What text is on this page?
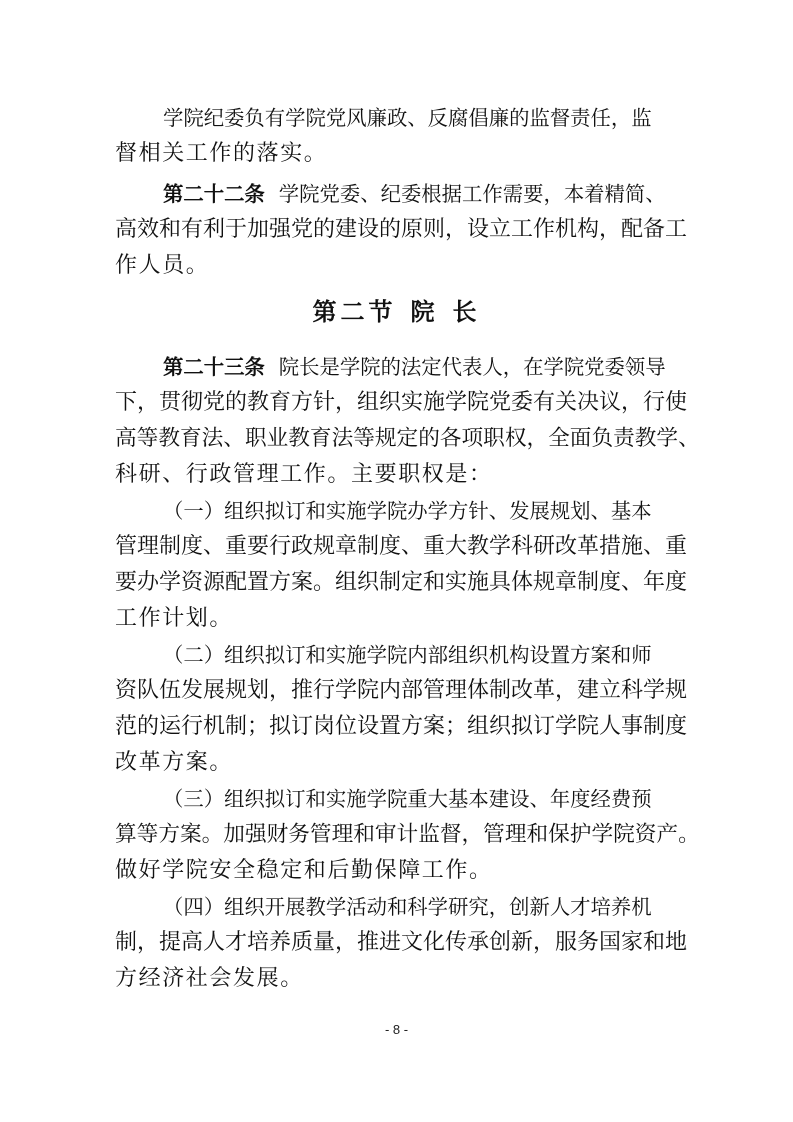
学院纪委负有学院党风廉政、反腐倡廉的监督责任，监
督相关工作的落实。
第二十二条 学院党委、纪委根据工作需要，本着精简、
高效和有利于加强党的建设的原则，设立工作机构，配备工
作人员。
第二节 院 长
第二十三条 院长是学院的法定代表人，在学院党委领导
下，贯彻党的教育方针，组织实施学院党委有关决议，行使
高等教育法、职业教育法等规定的各项职权，全面负责教学、
科研、行政管理工作。主要职权是：
（一）组织拟订和实施学院办学方针、发展规划、基本
管理制度、重要行政规章制度、重大教学科研改革措施、重
要办学资源配置方案。组织制定和实施具体规章制度、年度
工作计划。
（二）组织拟订和实施学院内部组织机构设置方案和师
资队伍发展规划，推行学院内部管理体制改革，建立科学规
范的运行机制；拟订岗位设置方案；组织拟订学院人事制度
改革方案。
（三）组织拟订和实施学院重大基本建设、年度经费预
算等方案。加强财务管理和审计监督，管理和保护学院资产。
做好学院安全稳定和后勤保障工作。
（四）组织开展教学活动和科学研究，创新人才培养机
制，提高人才培养质量，推进文化传承创新，服务国家和地
方经济社会发展。
- 8 -
